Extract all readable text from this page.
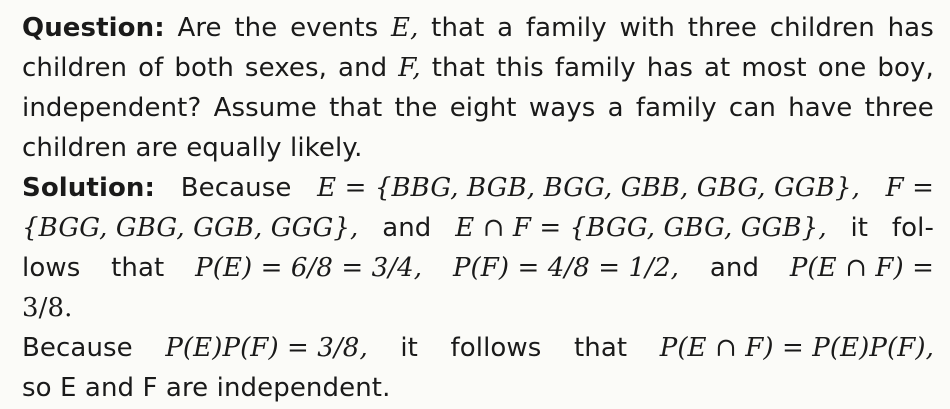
Question: Are the events E, that a family with three children has
children of both sexes, and F, that this family has at most one boy,
independent? Assume that the eight ways a family can have three
children are equally likely.
Solution: Because E = {BBG, BGB, BGG, GBB, GBG, GGB}, F =
{BGG, GBG, GGB, GGG}, and E ∩ F = {BGG, GBG, GGB}, it fol-
lows that P(E) = 6/8 = 3/4, P(F) = 4/8 = 1/2, and P(E ∩ F) =
3/8.
Because P(E)P(F) = 3/8, it follows that P(E ∩ F) = P(E)P(F),
so E and F are independent.
